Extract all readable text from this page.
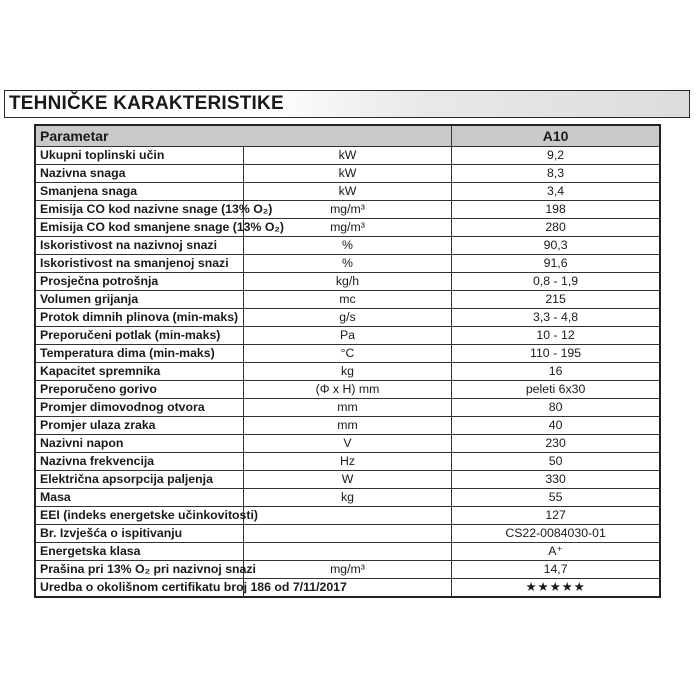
TEHNIČKE KARAKTERISTIKE
Parametar		A10
Ukupni toplinski učin	kW	9,2
Nazivna snaga	kW	8,3
Smanjena snaga	kW	3,4
Emisija CO kod nazivne snage (13% O₂)	mg/m³	198
Emisija CO kod smanjene snage (13% O₂)	mg/m³	280
Iskoristivost na nazivnoj snazi	%	90,3
Iskoristivost na smanjenoj snazi	%	91,6
Prosječna potrošnja	kg/h	0,8 - 1,9
Volumen grijanja	mc	215
Protok dimnih plinova (min-maks)	g/s	3,3 - 4,8
Preporučeni potlak (min-maks)	Pa	10 - 12
Temperatura dima (min-maks)	°C	110 - 195
Kapacitet spremnika	kg	16
Preporučeno gorivo	(Φ x H) mm	peleti 6x30
Promjer dimovodnog otvora	mm	80
Promjer ulaza zraka	mm	40
Nazivni napon	V	230
Nazivna frekvencija	Hz	50
Električna apsorpcija paljenja	W	330
Masa	kg	55
EEI (indeks energetske učinkovitosti)		127
Br. Izvješća o ispitivanju		CS22-0084030-01
Energetska klasa		A⁺
Prašina pri 13% O₂ pri nazivnoj snazi	mg/m³	14,7
Uredba o okolišnom certifikatu broj 186 od 7/11/2017		★★★★★
